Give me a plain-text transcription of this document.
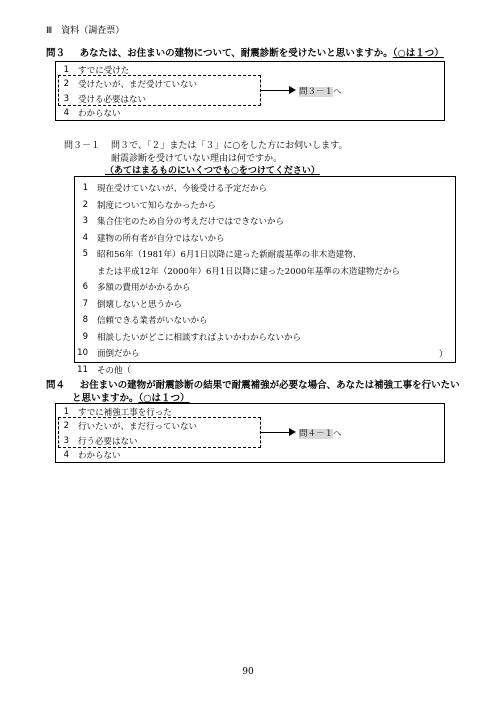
Ⅲ　資料（調査票）
問３ あなたは、お住まいの建物について、耐震診断を受けたいと思いますか。（○は１つ）
1 すでに受けた
2 受けたいが、まだ受けていない
3 受ける必要はない
4 わからない
問３－１へ
問３－１ 問３で、「２」または「３」に○をした方にお伺いします。
耐震診断を受けていない理由は何ですか。
（あてはまるものにいくつでも○をつけてください）
1 現在受けていないが、今後受ける予定だから
2 制度について知らなかったから
3 集合住宅のため自分の考えだけではできないから
4 建物の所有者が自分ではないから
5 昭和56年（1981年）6月1日以降に建った新耐震基準の非木造建物、
または平成12年（2000年）6月1日以降に建った2000年基準の木造建物だから
6 多額の費用がかかるから
7 倒壊しないと思うから
8 信頼できる業者がいないから
9 相談したいがどこに相談すればよいかわからないから
10 面倒だから
11 その他（
）
問４ お住まいの建物が耐震診断の結果で耐震補強が必要な場合、あなたは補強工事を行いたい
と思いますか。（○は１つ）
1 すでに補強工事を行った
2 行いたいが、まだ行っていない
3 行う必要はない
4 わからない
問４－１へ
90
